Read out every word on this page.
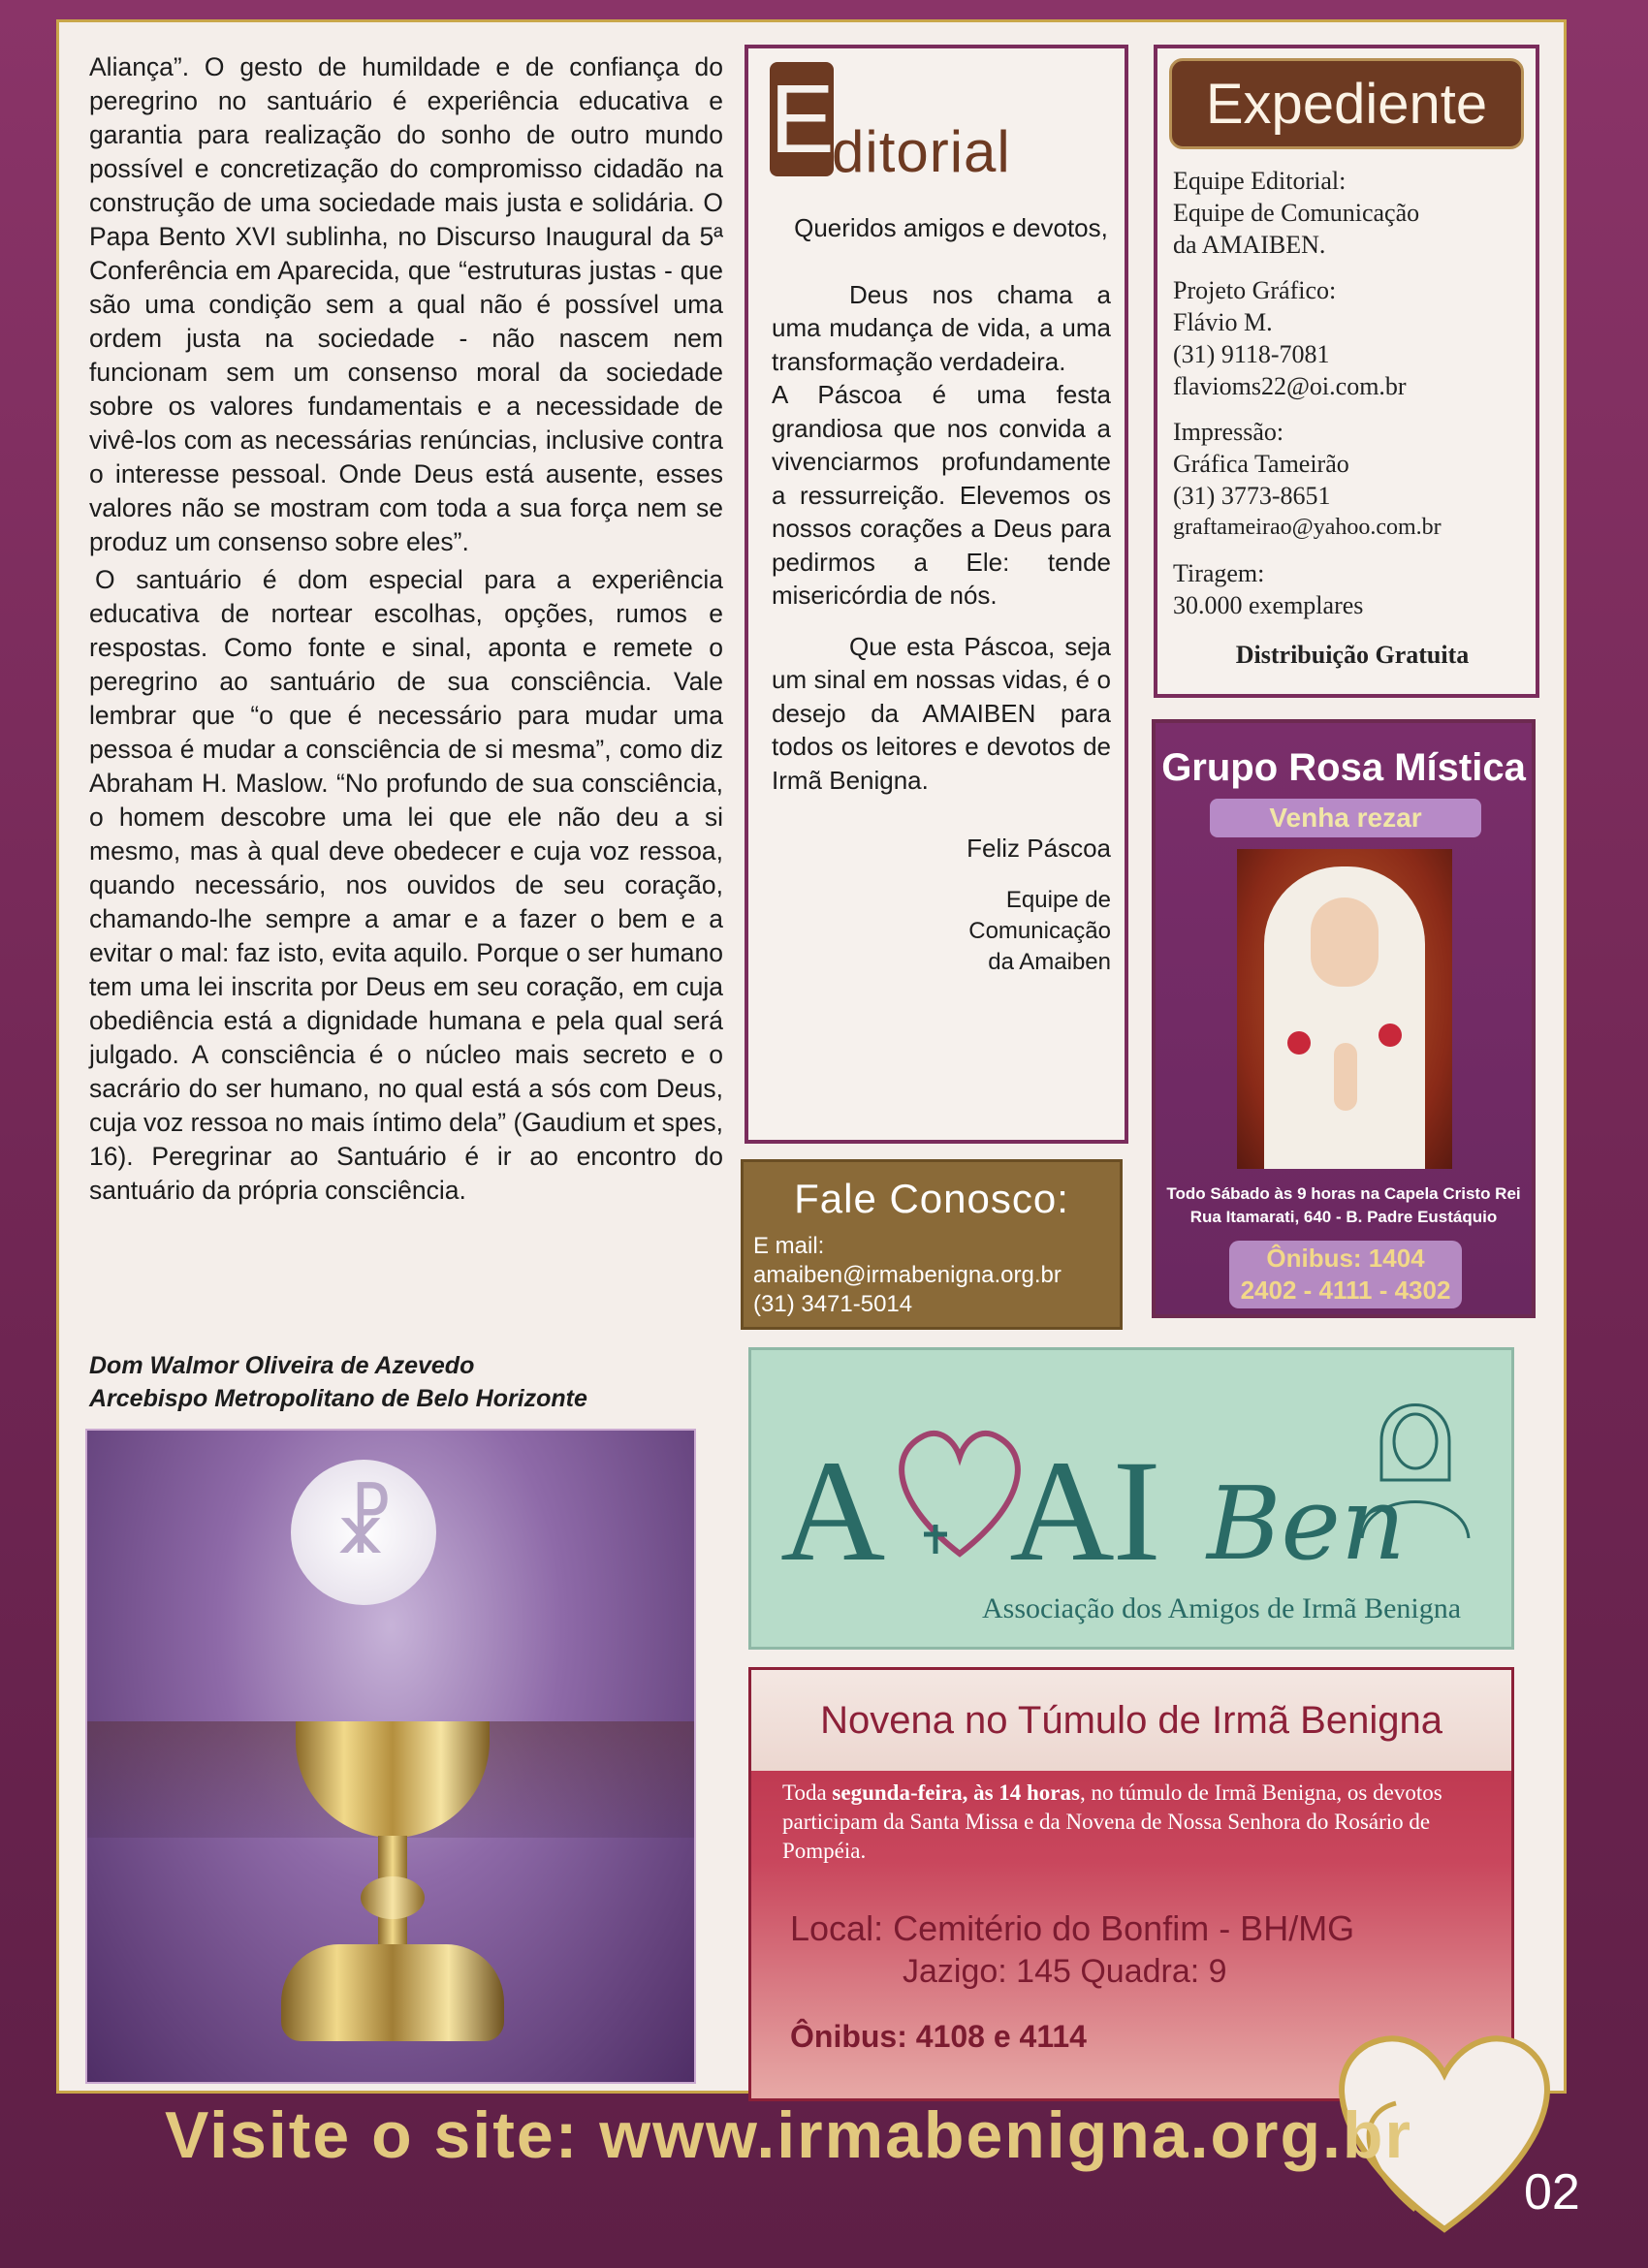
Aliança”. O gesto de humildade e de confiança do peregrino no santuário é experiência educativa e garantia para realização do sonho de outro mundo possível e concretização do compromisso cidadão na construção de uma sociedade mais justa e solidária. O Papa Bento XVI sublinha, no Discurso Inaugural da 5ª Conferência em Aparecida, que “estruturas justas - que são uma condição sem a qual não é possível uma ordem justa na sociedade - não nascem nem funcionam sem um consenso moral da sociedade sobre os valores fundamentais e a necessidade de vivê-los com as necessárias renúncias, inclusive contra o interesse pessoal. Onde Deus está ausente, esses valores não se mostram com toda a sua força nem se produz um consenso sobre eles”.

O santuário é dom especial para a experiência educativa de nortear escolhas, opções, rumos e respostas. Como fonte e sinal, aponta e remete o peregrino ao santuário de sua consciência. Vale lembrar que “o que é necessário para mudar uma pessoa é mudar a consciência de si mesma”, como diz Abraham H. Maslow. “No profundo de sua consciência, o homem descobre uma lei que ele não deu a si mesmo, mas à qual deve obedecer e cuja voz ressoa, quando necessário, nos ouvidos de seu coração, chamando-lhe sempre a amar e a fazer o bem e a evitar o mal: faz isto, evita aquilo. Porque o ser humano tem uma lei inscrita por Deus em seu coração, em cuja obediência está a dignidade humana e pela qual será julgado. A consciência é o núcleo mais secreto e o sacrário do ser humano, no qual está a sós com Deus, cuja voz ressoa no mais íntimo dela” (Gaudium et spes, 16). Peregrinar ao Santuário é ir ao encontro do santuário da própria consciência.

Dom Walmor Oliveira de Azevedo
Arcebispo Metropolitano de Belo Horizonte
☧
Editorial

Queridos amigos e devotos,

Deus nos chama a uma mudança de vida, a uma transformação verdadeira.

A Páscoa é uma festa grandiosa que nos convida a vivenciarmos profundamente a ressurreição. Elevemos os nossos corações a Deus para pedirmos a Ele: tende misericórdia de nós.

Que esta Páscoa, seja um sinal em nossas vidas, é o desejo da AMAIBEN para todos os leitores e devotos de Irmã Benigna.

Feliz Páscoa

Equipe de
Comunicação
da Amaiben
Expediente
Equipe Editorial:
Equipe de Comunicação
da AMAIBEN.
Projeto Gráfico:
Flávio M.
(31) 9118-7081
flavioms22@oi.com.br
Impressão:
Gráfica Tameirão
(31) 3773-8651
graftameirao@yahoo.com.br
Tiragem:
30.000 exemplares
Distribuição Gratuita
Grupo Rosa Mística
Venha rezar
Todo Sábado às 9 horas na Capela Cristo Rei
Rua Itamarati, 640 - B. Padre Eustáquio
Ônibus: 1404
2402 - 4111 - 4302
Fale Conosco:
E mail:
amaiben@irmabenigna.org.br
(31) 3471-5014
A AI Ben
Associação dos Amigos de Irmã Benigna
Novena no Túmulo de Irmã Benigna
Toda segunda-feira, às 14 horas, no túmulo de Irmã Benigna, os devotos participam da Santa Missa e da Novena de Nossa Senhora do Rosário de Pompéia.
Local: Cemitério do Bonfim - BH/MG
Jazigo: 145 Quadra: 9
Ônibus: 4108 e 4114
Visite o site: www.irmabenigna.org.br
02
